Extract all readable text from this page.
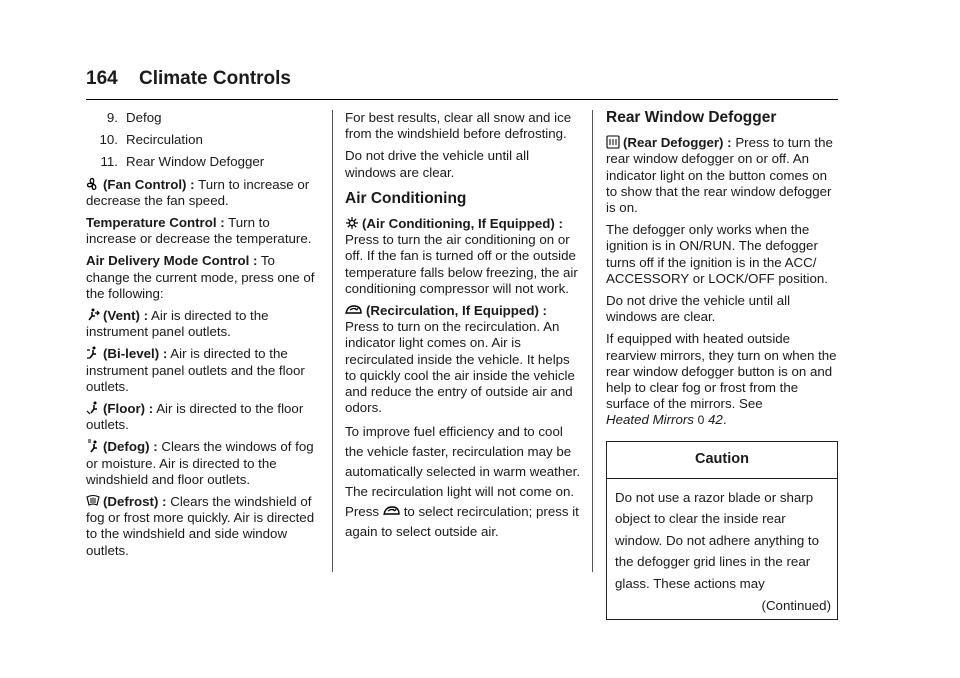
164 Climate Controls
9. Defog
10. Recirculation
11. Rear Window Defogger

(Fan Control) : Turn to increase or decrease the fan speed.

Temperature Control : Turn to increase or decrease the temperature.

Air Delivery Mode Control : To change the current mode, press one of the following:

(Vent) : Air is directed to the instrument panel outlets.

(Bi-level) : Air is directed to the instrument panel outlets and the floor outlets.

(Floor) : Air is directed to the floor outlets.

(Defog) : Clears the windows of fog or moisture. Air is directed to the windshield and floor outlets.

(Defrost) : Clears the windshield of fog or frost more quickly. Air is directed to the windshield and side window outlets.

For best results, clear all snow and ice from the windshield before defrosting.

Do not drive the vehicle until all windows are clear.

Air Conditioning

(Air Conditioning, If Equipped) : Press to turn the air conditioning on or off. If the fan is turned off or the outside temperature falls below freezing, the air conditioning compressor will not work.

(Recirculation, If Equipped) : Press to turn on the recirculation. An indicator light comes on. Air is recirculated inside the vehicle. It helps to quickly cool the air inside the vehicle and reduce the entry of outside air and odors.

To improve fuel efficiency and to cool the vehicle faster, recirculation may be automatically selected in warm weather. The recirculation light will not come on. Press to select recirculation; press it again to select outside air.

Rear Window Defogger

(Rear Defogger) : Press to turn the rear window defogger on or off. An indicator light on the button comes on to show that the rear window defogger is on.

The defogger only works when the ignition is in ON/RUN. The defogger turns off if the ignition is in the ACC/ ACCESSORY or LOCK/OFF position.

Do not drive the vehicle until all windows are clear.

If equipped with heated outside rearview mirrors, they turn on when the rear window defogger button is on and help to clear fog or frost from the surface of the mirrors. See Heated Mirrors 0 42.

Caution
Do not use a razor blade or sharp object to clear the inside rear window. Do not adhere anything to the defogger grid lines in the rear glass. These actions may
(Continued)
